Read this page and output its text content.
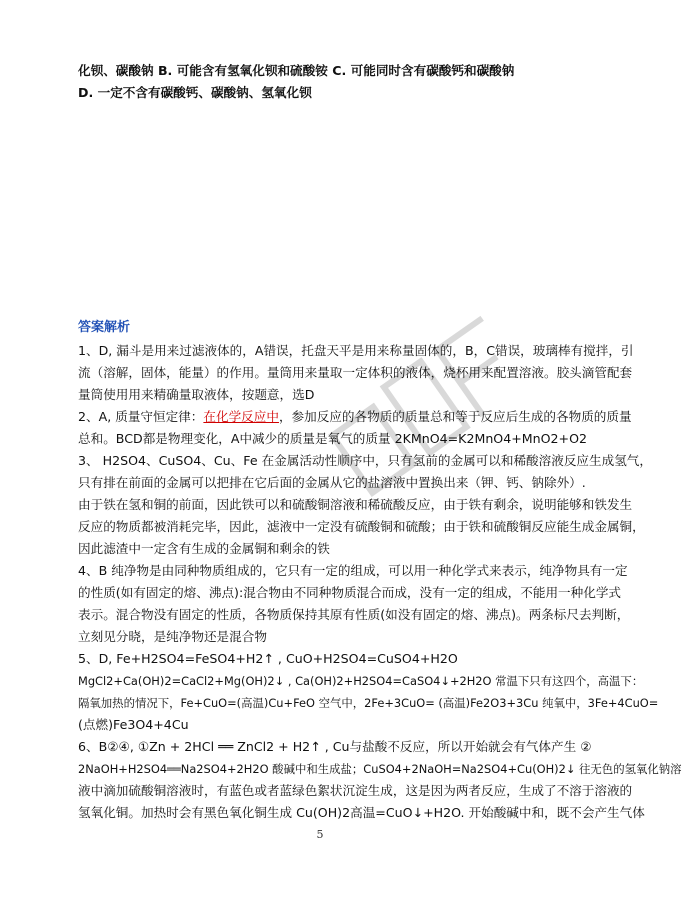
化钡、碳酸钠 B. 可能含有氢氧化钡和硫酸铵 C. 可能同时含有碳酸钙和碳酸钠
D. 一定不含有碳酸钙、碳酸钠、氢氧化钡
答案解析
1、D, 漏斗是用来过滤液体的，A错误，托盘天平是用来称量固体的，B，C错误，玻璃棒有搅拌，引
流（溶解，固体，能量）的作用。量筒用来量取一定体积的液体，烧杯用来配置溶液。胶头滴管配套
量筒使用用来精确量取液体，按题意，选D
2、A, 质量守恒定律：在化学反应中，参加反应的各物质的质量总和等于反应后生成的各物质的质量
总和。BCD都是物理变化，A中减少的质量是氧气的质量 2KMnO4=K2MnO4+MnO2+O2
3、 H2SO4、CuSO4、Cu、Fe 在金属活动性顺序中，只有氢前的金属可以和稀酸溶液反应生成氢气，
只有排在前面的金属可以把排在它后面的金属从它的盐溶液中置换出来（钾、钙、钠除外）.
由于铁在氢和铜的前面，因此铁可以和硫酸铜溶液和稀硫酸反应，由于铁有剩余，说明能够和铁发生
反应的物质都被消耗完毕，因此，滤液中一定没有硫酸铜和硫酸；由于铁和硫酸铜反应能生成金属铜，
因此滤渣中一定含有生成的金属铜和剩余的铁
4、B 纯净物是由同种物质组成的，它只有一定的组成，可以用一种化学式来表示，纯净物具有一定
的性质(如有固定的熔、沸点):混合物由不同种物质混合而成，没有一定的组成，不能用一种化学式
表示。混合物没有固定的性质，各物质保持其原有性质(如没有固定的熔、沸点)。两条标尺去判断，
立刻见分晓，是纯净物还是混合物
5、D, Fe+H2SO4=FeSO4+H2↑ , CuO+H2SO4=CuSO4+H2O
MgCl2+Ca(OH)2=CaCl2+Mg(OH)2↓ , Ca(OH)2+H2SO4=CaSO4↓+2H2O 常温下只有这四个，高温下：
隔氧加热的情况下，Fe+CuO=(高温)Cu+FeO 空气中，2Fe+3CuO= (高温)Fe2O3+3Cu 纯氧中，3Fe+4CuO=
(点燃)Fe3O4+4Cu
6、B②④, ①Zn + 2HCl ══ ZnCl2 + H2↑ , Cu与盐酸不反应，所以开始就会有气体产生 ②
2NaOH+H2SO4══Na2SO4+2H2O 酸碱中和生成盐；CuSO4+2NaOH=Na2SO4+Cu(OH)2↓ 往无色的氢氧化钠溶
液中滴加硫酸铜溶液时，有蓝色或者蓝绿色絮状沉淀生成，这是因为两者反应，生成了不溶于溶液的
氢氧化铜。加热时会有黑色氧化铜生成 Cu(OH)2高温=CuO↓+H2O. 开始酸碱中和，既不会产生气体
5
